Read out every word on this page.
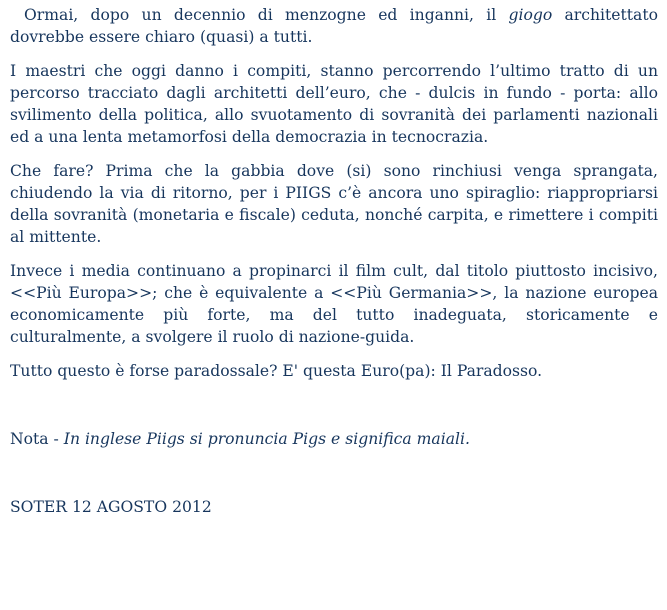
Ormai, dopo un decennio di menzogne ed inganni, il giogo architettato dovrebbe essere chiaro (quasi) a tutti.

I maestri che oggi danno i compiti, stanno percorrendo l’ultimo tratto di un percorso tracciato dagli architetti dell’euro, che - dulcis in fundo - porta: allo svilimento della politica, allo svuotamento di sovranità dei parlamenti nazionali ed a una lenta metamorfosi della democrazia in tecnocrazia.

Che fare? Prima che la gabbia dove (si) sono rinchiusi venga sprangata, chiudendo la via di ritorno, per i PIIGS c’è ancora uno spiraglio: riappropriarsi della sovranità (monetaria e fiscale) ceduta, nonché carpita, e rimettere i compiti al mittente.

Invece i media continuano a propinarci il film cult, dal titolo piuttosto incisivo, <<Più Europa>>; che è equivalente a <<Più Germania>>, la nazione europea economicamente più forte, ma del tutto inadeguata, storicamente e culturalmente, a svolgere il ruolo di nazione-guida.

Tutto questo è forse paradossale? E' questa Euro(pa): Il Paradosso.

Nota - In inglese Piigs si pronuncia Pigs e significa maiali.

SOTER 12 AGOSTO 2012
